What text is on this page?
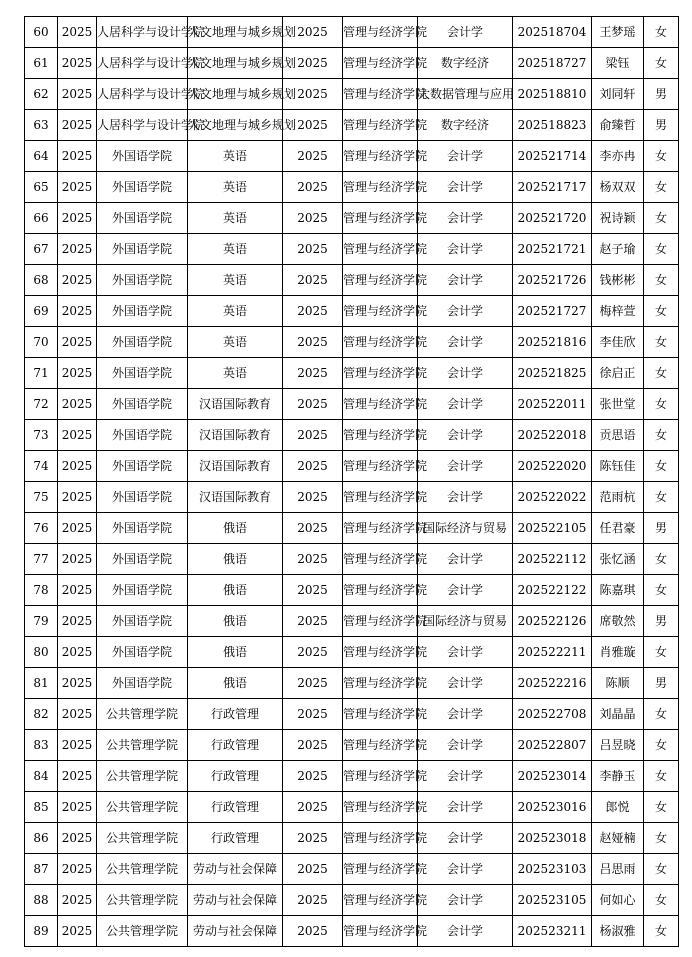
60	2025	人居科学与设计学院	人文地理与城乡规划	2025	管理与经济学院	会计学	202518704	王梦瑶	女
61	2025	人居科学与设计学院	人文地理与城乡规划	2025	管理与经济学院	数字经济	202518727	梁钰	女
62	2025	人居科学与设计学院	人文地理与城乡规划	2025	管理与经济学院	大数据管理与应用	202518810	刘同轩	男
63	2025	人居科学与设计学院	人文地理与城乡规划	2025	管理与经济学院	数字经济	202518823	俞臻哲	男
64	2025	外国语学院	英语	2025	管理与经济学院	会计学	202521714	李亦冉	女
65	2025	外国语学院	英语	2025	管理与经济学院	会计学	202521717	杨双双	女
66	2025	外国语学院	英语	2025	管理与经济学院	会计学	202521720	祝诗颖	女
67	2025	外国语学院	英语	2025	管理与经济学院	会计学	202521721	赵子瑜	女
68	2025	外国语学院	英语	2025	管理与经济学院	会计学	202521726	钱彬彬	女
69	2025	外国语学院	英语	2025	管理与经济学院	会计学	202521727	梅梓萱	女
70	2025	外国语学院	英语	2025	管理与经济学院	会计学	202521816	李佳欣	女
71	2025	外国语学院	英语	2025	管理与经济学院	会计学	202521825	徐启正	女
72	2025	外国语学院	汉语国际教育	2025	管理与经济学院	会计学	202522011	张世堂	女
73	2025	外国语学院	汉语国际教育	2025	管理与经济学院	会计学	202522018	贡思语	女
74	2025	外国语学院	汉语国际教育	2025	管理与经济学院	会计学	202522020	陈钰佳	女
75	2025	外国语学院	汉语国际教育	2025	管理与经济学院	会计学	202522022	范雨杭	女
76	2025	外国语学院	俄语	2025	管理与经济学院	国际经济与贸易	202522105	任君豪	男
77	2025	外国语学院	俄语	2025	管理与经济学院	会计学	202522112	张忆涵	女
78	2025	外国语学院	俄语	2025	管理与经济学院	会计学	202522122	陈嘉琪	女
79	2025	外国语学院	俄语	2025	管理与经济学院	国际经济与贸易	202522126	席敬然	男
80	2025	外国语学院	俄语	2025	管理与经济学院	会计学	202522211	肖雅璇	女
81	2025	外国语学院	俄语	2025	管理与经济学院	会计学	202522216	陈顺	男
82	2025	公共管理学院	行政管理	2025	管理与经济学院	会计学	202522708	刘晶晶	女
83	2025	公共管理学院	行政管理	2025	管理与经济学院	会计学	202522807	吕昱晓	女
84	2025	公共管理学院	行政管理	2025	管理与经济学院	会计学	202523014	李静玉	女
85	2025	公共管理学院	行政管理	2025	管理与经济学院	会计学	202523016	郎悦	女
86	2025	公共管理学院	行政管理	2025	管理与经济学院	会计学	202523018	赵娅楠	女
87	2025	公共管理学院	劳动与社会保障	2025	管理与经济学院	会计学	202523103	吕思雨	女
88	2025	公共管理学院	劳动与社会保障	2025	管理与经济学院	会计学	202523105	何如心	女
89	2025	公共管理学院	劳动与社会保障	2025	管理与经济学院	会计学	202523211	杨淑雅	女
